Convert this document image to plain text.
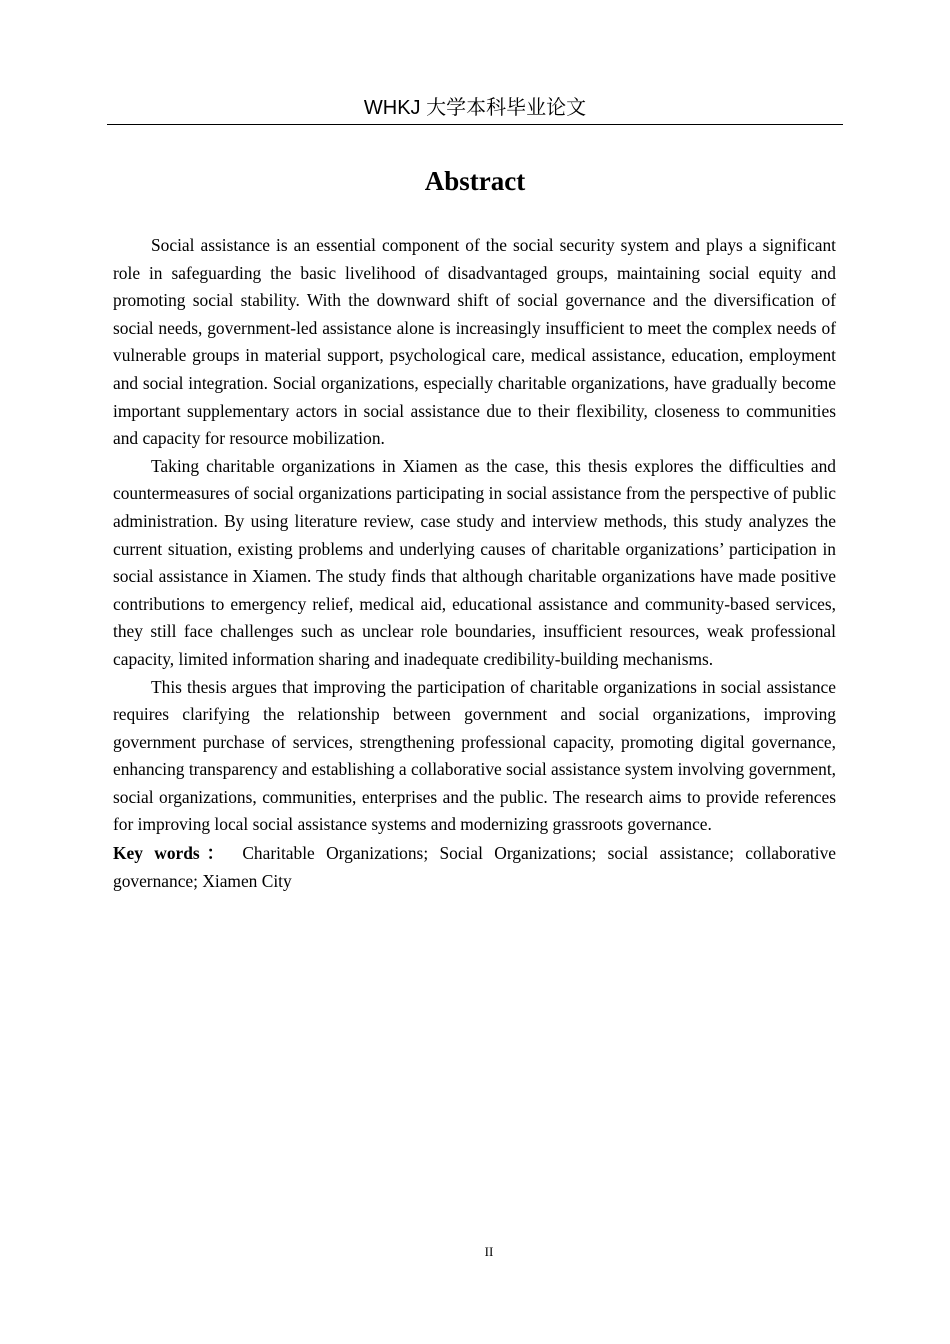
WHKJ 大学本科毕业论文
Abstract

Social assistance is an essential component of the social security system and plays a significant role in safeguarding the basic livelihood of disadvantaged groups, maintaining social equity and promoting social stability. With the downward shift of social governance and the diversification of social needs, government-led assistance alone is increasingly insufficient to meet the complex needs of vulnerable groups in material support, psychological care, medical assistance, education, employment and social integration. Social organizations, especially charitable organizations, have gradually become important supplementary actors in social assistance due to their flexibility, closeness to communities and capacity for resource mobilization.

Taking charitable organizations in Xiamen as the case, this thesis explores the difficulties and countermeasures of social organizations participating in social assistance from the perspective of public administration. By using literature review, case study and interview methods, this study analyzes the current situation, existing problems and underlying causes of charitable organizations’ participation in social assistance in Xiamen. The study finds that although charitable organizations have made positive contributions to emergency relief, medical aid, educational assistance and community-based services, they still face challenges such as unclear role boundaries, insufficient resources, weak professional capacity, limited information sharing and inadequate credibility-building mechanisms.

This thesis argues that improving the participation of charitable organizations in social assistance requires clarifying the relationship between government and social organizations, improving government purchase of services, strengthening professional capacity, promoting digital governance, enhancing transparency and establishing a collaborative social assistance system involving government, social organizations, communities, enterprises and the public. The research aims to provide references for improving local social assistance systems and modernizing grassroots governance.

Key words： Charitable Organizations; Social Organizations; social assistance; collaborative governance; Xiamen City
II
